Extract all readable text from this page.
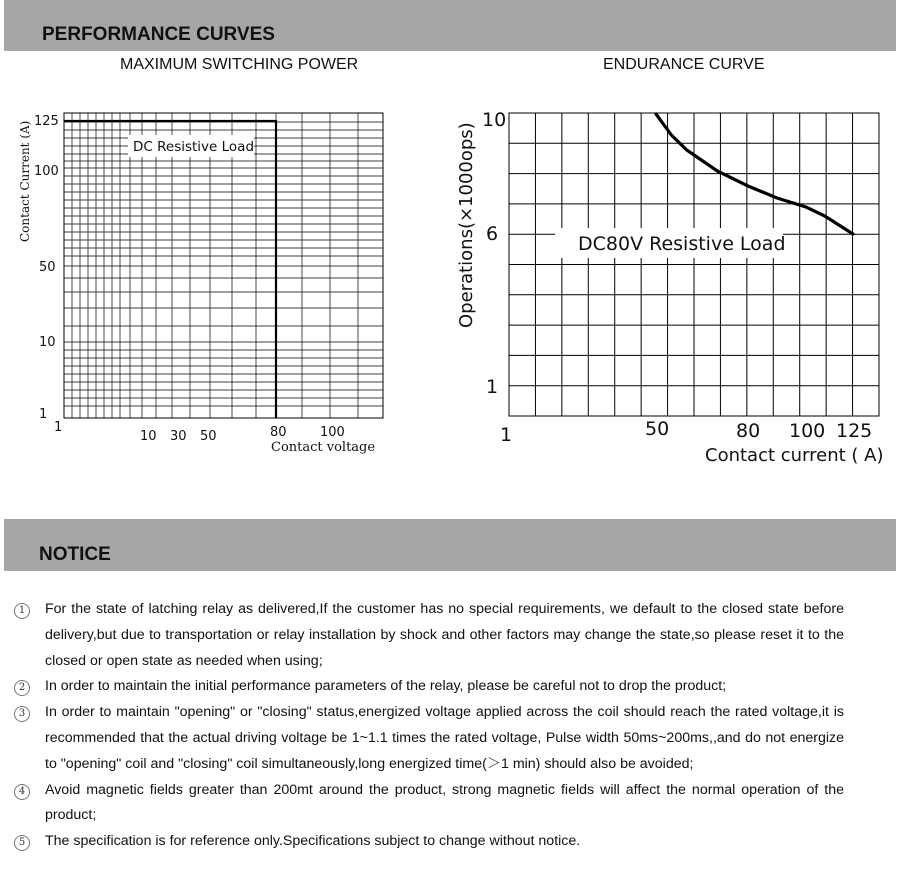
PERFORMANCE CURVES
MAXIMUM SWITCHING POWER	ENDURANCE CURVE
DC Resistive Load
125
100
50
10
1
1
10 30 50	80	100
Contact voltage
Contact Current (A)
DC80V Resistive Load
10
6
1
1	50	80 100 125
Contact current ( A)
Operations(×1000ops)
NOTICE
1	For the state of latching relay as delivered,If the customer has no special requirements, we default to the closed state before delivery,but due to transportation or relay installation by shock and other factors may change the state,so please reset it to the closed or open state as needed when using;
2	In order to maintain the initial performance parameters of the relay, please be careful not to drop the product;
3	In order to maintain "opening" or "closing" status,energized voltage applied across the coil should reach the rated voltage,it is recommended that the actual driving voltage be 1~1.1 times the rated voltage, Pulse width 50ms~200ms,,and do not energize to "opening" coil and "closing" coil simultaneously,long energized time(＞1 min) should also be avoided;
4	Avoid magnetic fields greater than 200mt around the product, strong magnetic fields will affect the normal operation of the product;
5	The specification is for reference only.Specifications subject to change without notice.
